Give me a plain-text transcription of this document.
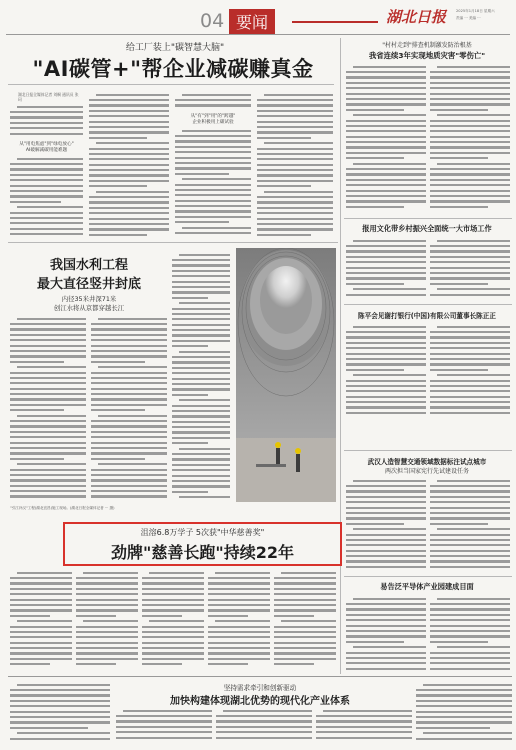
04 要闻	湖北日报	2025年1月18日 星期六
责编 ··· 美编 ···
给工厂装上"碳智慧大脑"
"AI碳管+"帮企业减碳赚真金
湖北日报全媒体记者 刘桐 通讯员 张珂
从"用电焦虑"到"绿电放心"
AI破解减碳用能难题
从"有"到"用"的"跨越"
企业积极用上碳试验
"村村走到"排查机制激发防治根基
我省连续3年实现地质灾害"零伤亡"
报用文化带乡村振兴全面统一大市场工作
陈平会见谢打银行(中国)有限公司董事长陈正正
武汉人造智慧交通领域数据标注试点城市
两次担当国家宪行先试建设任务
易告泛平导体产业园建成目面
我国水利工程
最大直径竖井封底
内径35米井深71米
创江水将从京都穿越长江
"引江补汉"工程(湖北宜昌)施工现场。(湖北日报全媒体记者 ··· 摄)
沮溶6.8万学子 5次获"中华慈善奖"
劲牌"慈善长跑"持续22年
坚持需求牵引和创新驱动
加快构建体现湖北优势的现代化产业体系
